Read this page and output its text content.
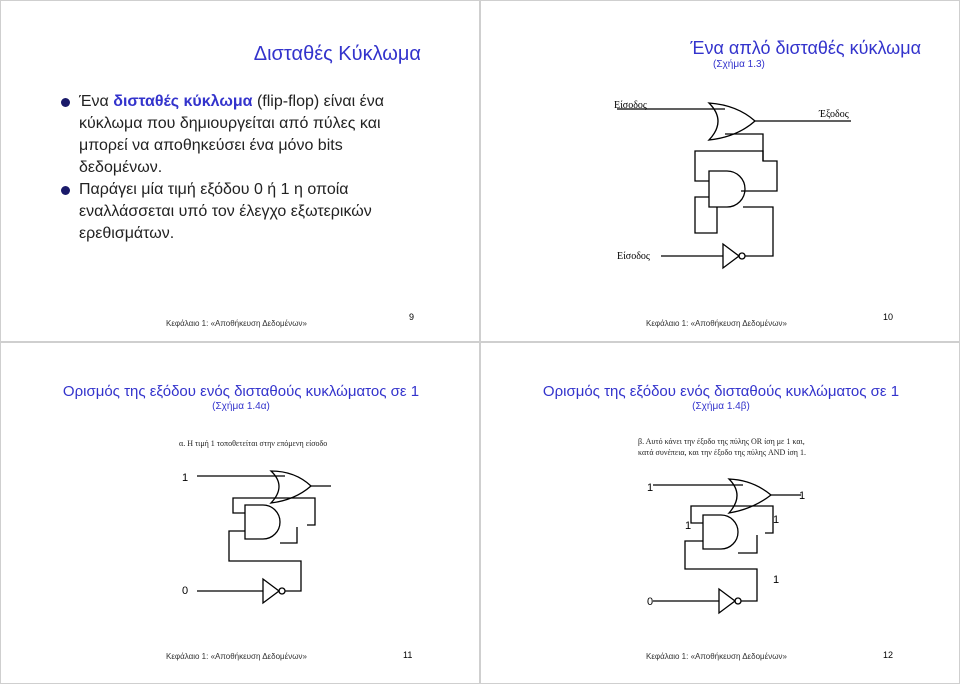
Δισταθές Κύκλωμα
Ένα δισταθές κύκλωμα (flip-flop) είναι ένα κύκλωμα που δημιουργείται από πύλες και μπορεί να αποθηκεύσει ένα μόνο bits δεδομένων.
Παράγει μία τιμή εξόδου 0 ή 1 η οποία εναλλάσσεται υπό τον έλεγχο εξωτερικών ερεθισμάτων.
Κεφάλαιο 1: «Αποθήκευση Δεδομένων»
9
Ένα απλό δισταθές κύκλωμα
(Σχήμα 1.3)
Είσοδος
Έξοδος
Είσοδος
Κεφάλαιο 1: «Αποθήκευση Δεδομένων»
10
Ορισμός της εξόδου ενός δισταθούς κυκλώματος σε 1
(Σχήμα 1.4α)
α. Η τιμή 1 τοποθετείται στην επόμενη είσοδο
1
0
Κεφάλαιο 1: «Αποθήκευση Δεδομένων»	11
Ορισμός της εξόδου ενός δισταθούς κυκλώματος σε 1
(Σχήμα 1.4β)
β. Αυτό κάνει την έξοδο της πύλης OR ίση με 1 και,
κατά συνέπεια, και την έξοδο της πύλης AND ίση 1.
1
1
1	1
1
0
Κεφάλαιο 1: «Αποθήκευση Δεδομένων»	12
